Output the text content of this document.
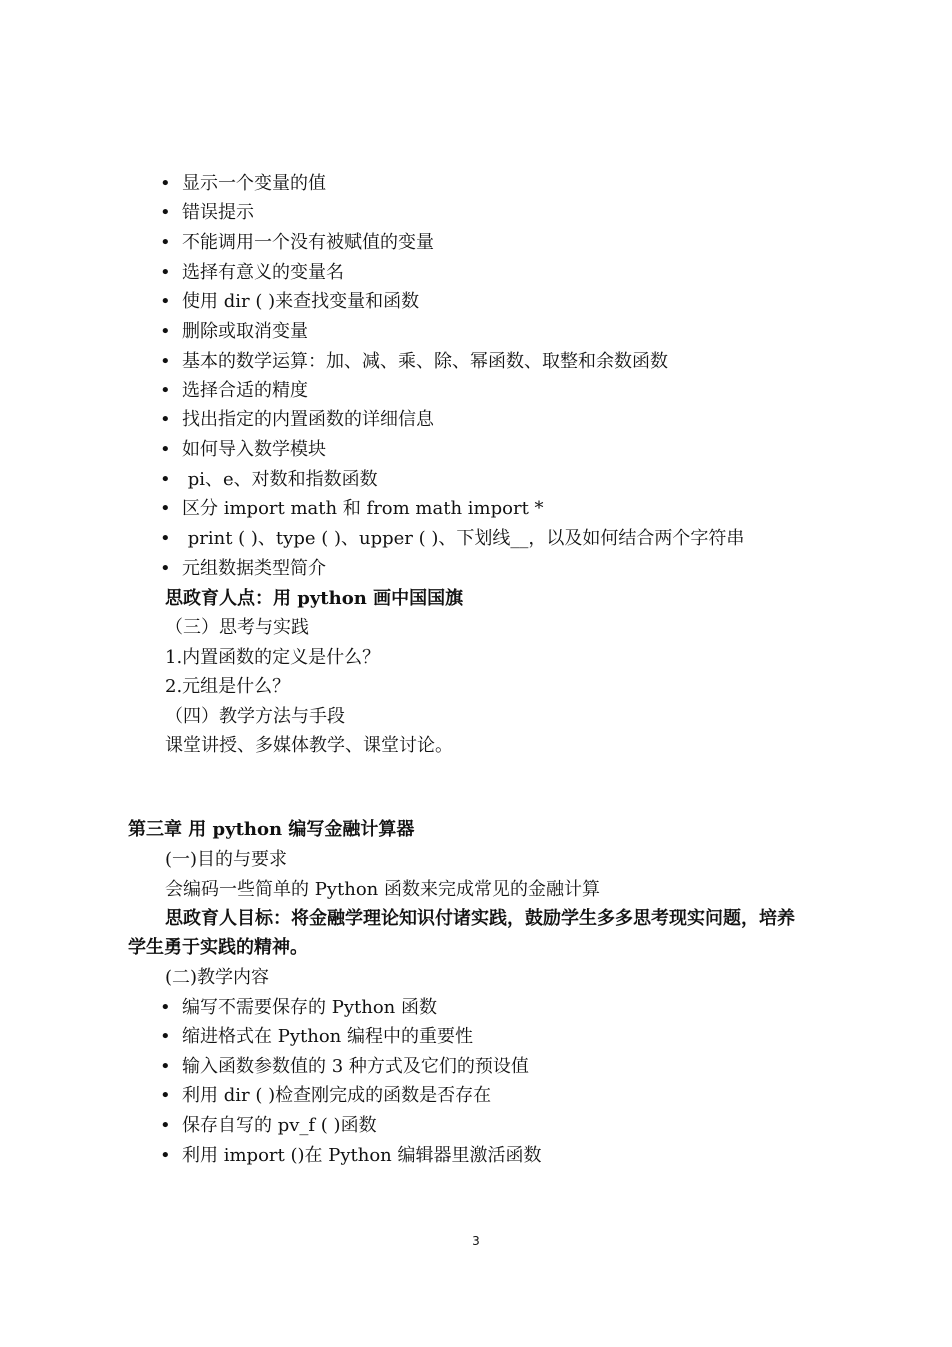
• 显示一个变量的值
• 错误提示
• 不能调用一个没有被赋值的变量
• 选择有意义的变量名
• 使用 dir ( )来查找变量和函数
• 删除或取消变量
• 基本的数学运算：加、减、乘、除、幂函数、取整和余数函数
• 选择合适的精度
• 找出指定的内置函数的详细信息
• 如何导入数学模块
• pi、e、对数和指数函数
• 区分 import math 和 from math import *
• print ( )、type ( )、upper ( )、下划线__，以及如何结合两个字符串
• 元组数据类型简介
思政育人点：用 python 画中国国旗
（三）思考与实践
1.内置函数的定义是什么？
2.元组是什么？
（四）教学方法与手段
课堂讲授、多媒体教学、课堂讨论。
第三章 用 python 编写金融计算器
(一)目的与要求
会编码一些简单的 Python 函数来完成常见的金融计算
思政育人目标：将金融学理论知识付诸实践，鼓励学生多多思考现实问题，培养
学生勇于实践的精神。
(二)教学内容
• 编写不需要保存的 Python 函数
• 缩进格式在 Python 编程中的重要性
• 输入函数参数值的 3 种方式及它们的预设值
• 利用 dir ( )检查刚完成的函数是否存在
• 保存自写的 pv_f ( )函数
• 利用 import ()在 Python 编辑器里激活函数
3
